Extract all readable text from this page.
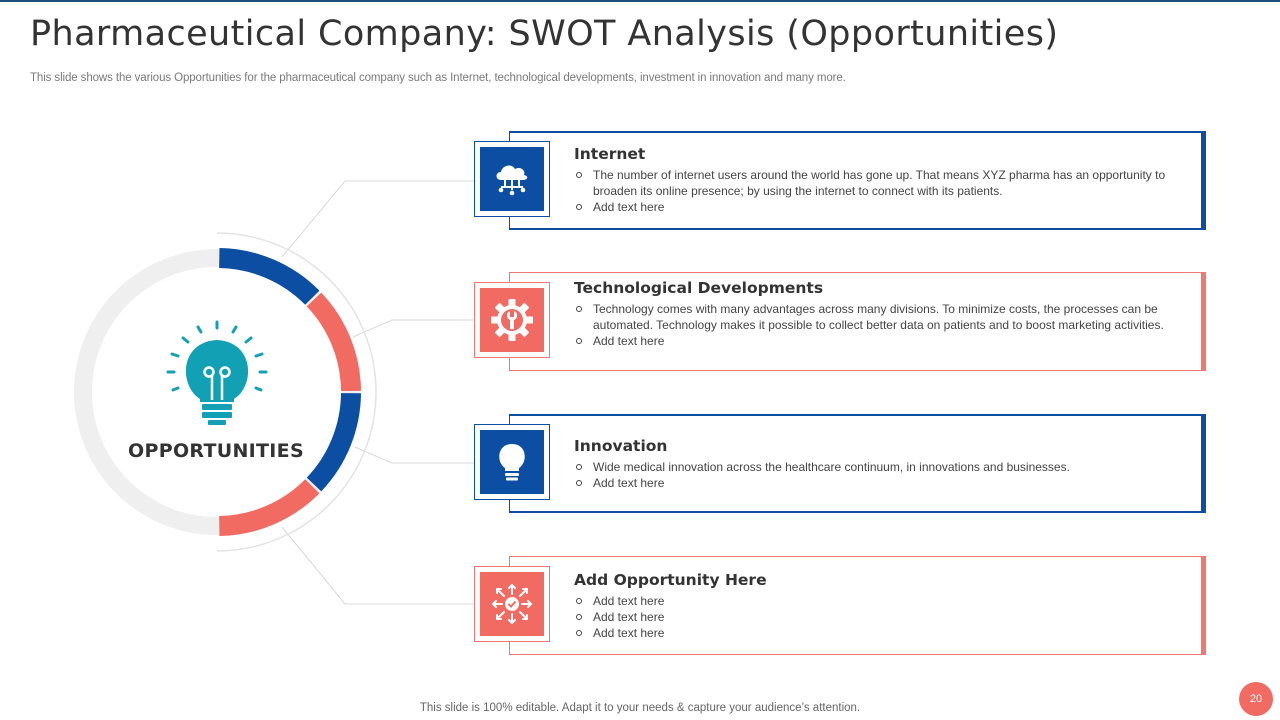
Pharmaceutical Company: SWOT Analysis (Opportunities)

This slide shows the various Opportunities for the pharmaceutical company such as Internet, technological developments, investment in innovation and many more.

OPPORTUNITIES
Internet
The number of internet users around the world has gone up. That means XYZ pharma has an opportunity to broaden its online presence; by using the internet to connect with its patients.
Add text here
Technological Developments
Technology comes with many advantages across many divisions. To minimize costs, the processes can be automated. Technology makes it possible to collect better data on patients and to boost marketing activities.
Add text here
Innovation
Wide medical innovation across the healthcare continuum, in innovations and businesses.
Add text here
Add Opportunity Here
Add text here
Add text here
Add text here
This slide is 100% editable. Adapt it to your needs & capture your audience’s attention.
20
